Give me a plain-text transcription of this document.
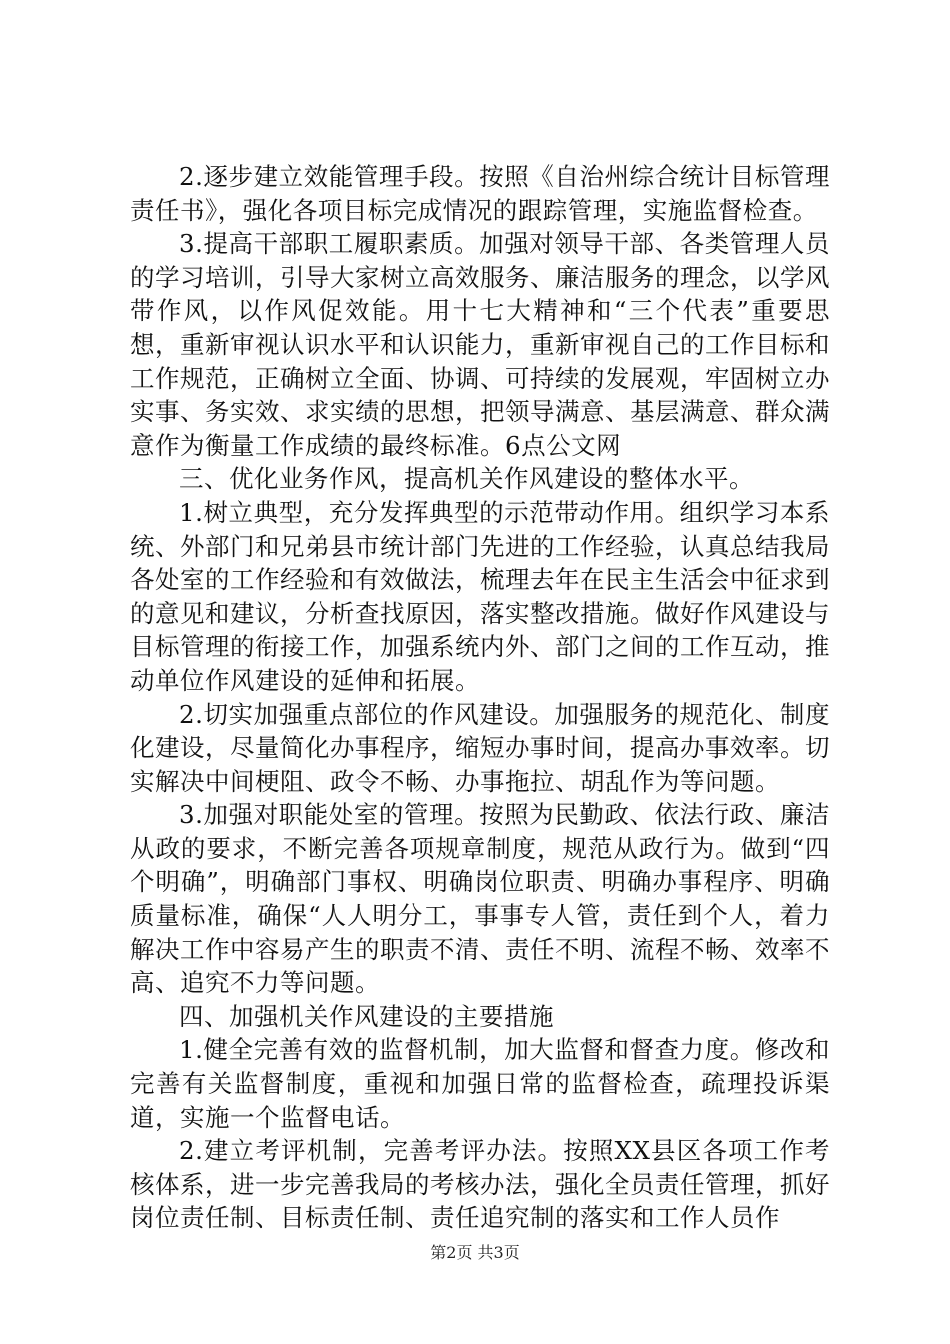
2.逐步建立效能管理手段。按照《自治州综合统计目标管理责任书》，强化各项目标完成情况的跟踪管理，实施监督检查。

3.提高干部职工履职素质。加强对领导干部、各类管理人员的学习培训，引导大家树立高效服务、廉洁服务的理念，以学风带作风，以作风促效能。用十七大精神和“三个代表”重要思想，重新审视认识水平和认识能力，重新审视自己的工作目标和工作规范，正确树立全面、协调、可持续的发展观，牢固树立办实事、务实效、求实绩的思想，把领导满意、基层满意、群众满意作为衡量工作成绩的最终标准。6点公文网

三、优化业务作风，提高机关作风建设的整体水平。

1.树立典型，充分发挥典型的示范带动作用。组织学习本系统、外部门和兄弟县市统计部门先进的工作经验，认真总结我局各处室的工作经验和有效做法，梳理去年在民主生活会中征求到的意见和建议，分析查找原因，落实整改措施。做好作风建设与目标管理的衔接工作，加强系统内外、部门之间的工作互动，推动单位作风建设的延伸和拓展。

2.切实加强重点部位的作风建设。加强服务的规范化、制度化建设，尽量简化办事程序，缩短办事时间，提高办事效率。切实解决中间梗阻、政令不畅、办事拖拉、胡乱作为等问题。

3.加强对职能处室的管理。按照为民勤政、依法行政、廉洁从政的要求，不断完善各项规章制度，规范从政行为。做到“四个明确”，明确部门事权、明确岗位职责、明确办事程序、明确质量标准，确保“人人明分工，事事专人管，责任到个人，着力解决工作中容易产生的职责不清、责任不明、流程不畅、效率不高、追究不力等问题。

四、加强机关作风建设的主要措施

1.健全完善有效的监督机制，加大监督和督查力度。修改和完善有关监督制度，重视和加强日常的监督检查，疏理投诉渠道，实施一个监督电话。

2.建立考评机制，完善考评办法。按照XX县区各项工作考核体系，进一步完善我局的考核办法，强化全员责任管理，抓好岗位责任制、目标责任制、责任追究制的落实和工作人员作

第2页 共3页
